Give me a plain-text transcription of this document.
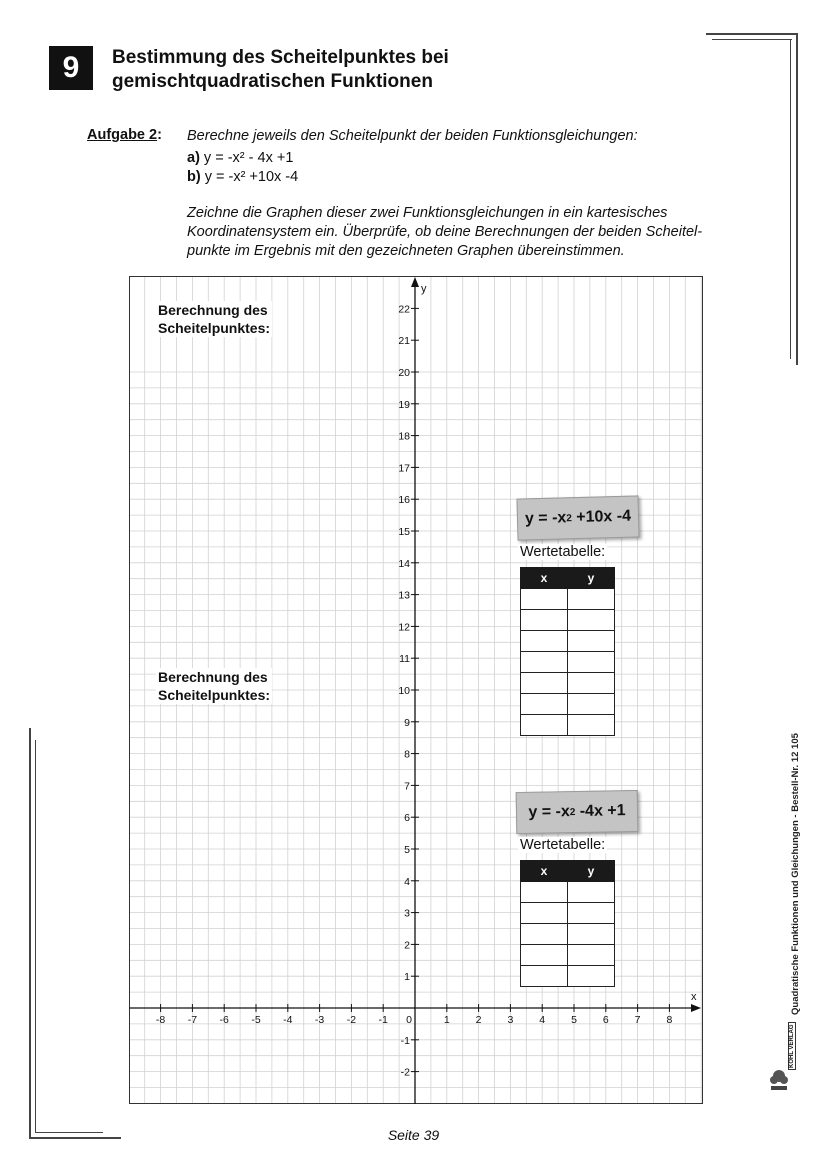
9	Bestimmung des Scheitelpunktes bei
gemischtquadratischen Funktionen
Aufgabe 2: Berechne jeweils den Scheitelpunkt der beiden Funktionsgleichungen:
a) y = -x² - 4x +1
b) y = -x² +10x -4
Zeichne die Graphen dieser zwei Funktionsgleichungen in ein kartesisches
Koordinatensystem ein. Überprüfe, ob deine Berechnungen der beiden Scheitel-
punkte im Ergebnis mit den gezeichneten Graphen übereinstimmen.
x
y
-8 -7 -6 -5 -4 -3 -2 -1 0	1 2 3 4 5 6 7 8
-2
-1
1
2
3
4
5
6
7
8
9
10
11
12
13
14
15
16
17
18
19
20
21
22
Berechnung des
Scheitelpunktes:
Berechnung des
Scheitelpunktes:
y = -x 2 +10x -4
Wertetabelle:
x	y

y = -x 2 -4x +1
Wertetabelle:
x	y

		Quadratische Funktionen und Gleichungen - Bestell-Nr. 12 105
KOHL VERLAG
Seite 39
